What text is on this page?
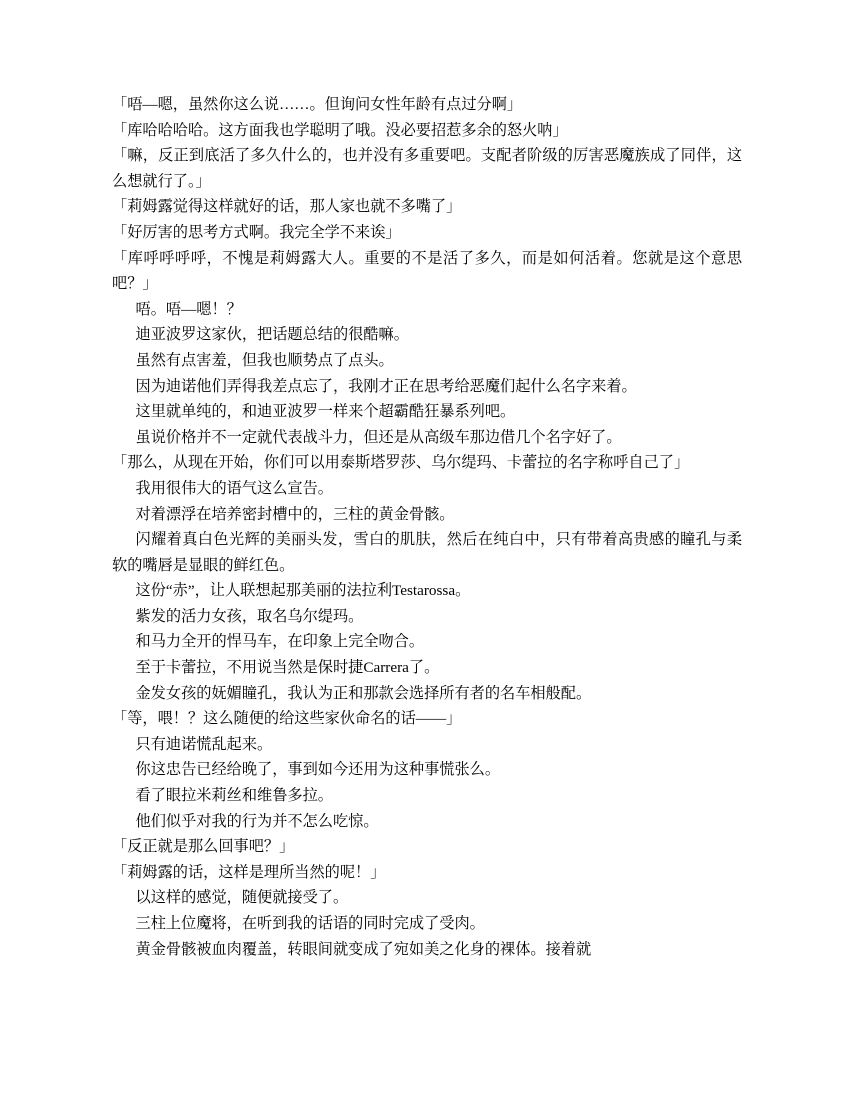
「唔—嗯，虽然你这么说……。但询问女性年龄有点过分啊」

「库哈哈哈哈。这方面我也学聪明了哦。没必要招惹多余的怒火呐」

「嘛，反正到底活了多久什么的，也并没有多重要吧。支配者阶级的厉害恶魔族成了同伴，这么想就行了。」

「莉姆露觉得这样就好的话，那人家也就不多嘴了」

「好厉害的思考方式啊。我完全学不来诶」

「库呼呼呼呼，不愧是莉姆露大人。重要的不是活了多久，而是如何活着。您就是这个意思吧？」

唔。唔—嗯！？

迪亚波罗这家伙，把话题总结的很酷嘛。

虽然有点害羞，但我也顺势点了点头。

因为迪诺他们弄得我差点忘了，我刚才正在思考给恶魔们起什么名字来着。

这里就单纯的，和迪亚波罗一样来个超霸酷狂暴系列吧。

虽说价格并不一定就代表战斗力，但还是从高级车那边借几个名字好了。

「那么，从现在开始，你们可以用泰斯塔罗莎、乌尔缇玛、卡蕾拉的名字称呼自己了」

我用很伟大的语气这么宣告。

对着漂浮在培养密封槽中的，三柱的黄金骨骸。

闪耀着真白色光辉的美丽头发，雪白的肌肤，然后在纯白中，只有带着高贵感的瞳孔与柔软的嘴唇是显眼的鲜红色。

这份“赤”，让人联想起那美丽的法拉利Testarossa。

紫发的活力女孩，取名乌尔缇玛。

和马力全开的悍马车，在印象上完全吻合。

至于卡蕾拉，不用说当然是保时捷Carrera了。

金发女孩的妩媚瞳孔，我认为正和那款会选择所有者的名车相般配。

「等，喂！？这么随便的给这些家伙命名的话——」

只有迪诺慌乱起来。

你这忠告已经给晚了，事到如今还用为这种事慌张么。

看了眼拉米莉丝和维鲁多拉。

他们似乎对我的行为并不怎么吃惊。

「反正就是那么回事吧？」

「莉姆露的话，这样是理所当然的呢！」

以这样的感觉，随便就接受了。

三柱上位魔将，在听到我的话语的同时完成了受肉。

黄金骨骸被血肉覆盖，转眼间就变成了宛如美之化身的裸体。接着就
